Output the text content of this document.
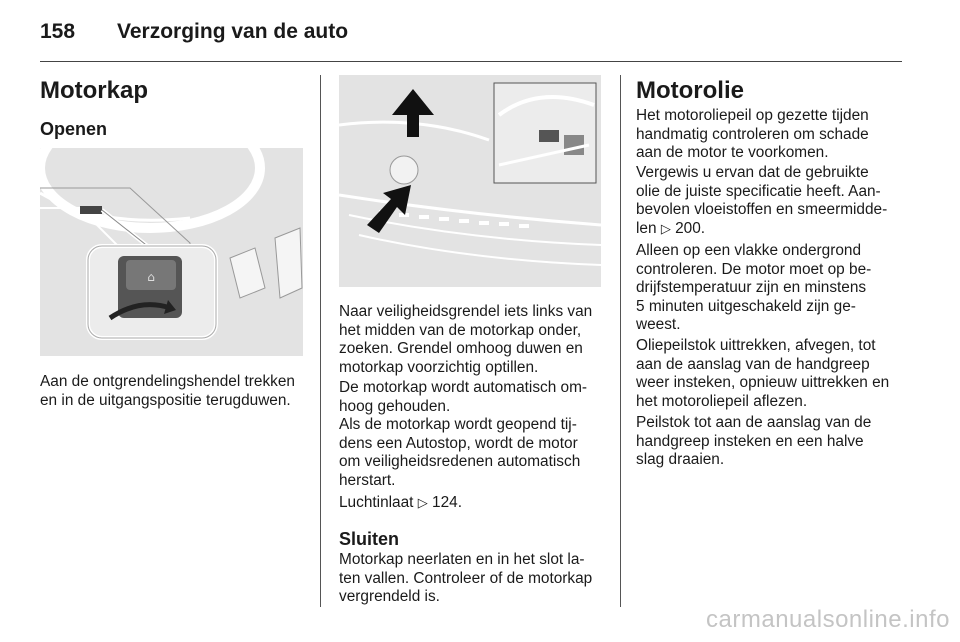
158 Verzorging van de auto
Motorkap
Openen
⌂
Aan de ontgrendelingshendel trekken
en in de uitgangspositie terugduwen.
Naar veiligheidsgrendel iets links van
het midden van de motorkap onder,
zoeken. Grendel omhoog duwen en
motorkap voorzichtig optillen.
De motorkap wordt automatisch om-
hoog gehouden.
Als de motorkap wordt geopend tij-
dens een Autostop, wordt de motor
om veiligheidsredenen automatisch
herstart.
Luchtinlaat ▷ 124.
Sluiten
Motorkap neerlaten en in het slot la-
ten vallen. Controleer of de motorkap
vergrendeld is.
Motorolie
Het motoroliepeil op gezette tijden
handmatig controleren om schade
aan de motor te voorkomen.
Vergewis u ervan dat de gebruikte
olie de juiste specificatie heeft. Aan-
bevolen vloeistoffen en smeermidde-
len ▷ 200.
Alleen op een vlakke ondergrond
controleren. De motor moet op be-
drijfstemperatuur zijn en minstens
5 minuten uitgeschakeld zijn ge-
weest.
Oliepeilstok uittrekken, afvegen, tot
aan de aanslag van de handgreep
weer insteken, opnieuw uittrekken en
het motoroliepeil aflezen.
Peilstok tot aan de aanslag van de
handgreep insteken en een halve
slag draaien.
carmanualsonline.info
